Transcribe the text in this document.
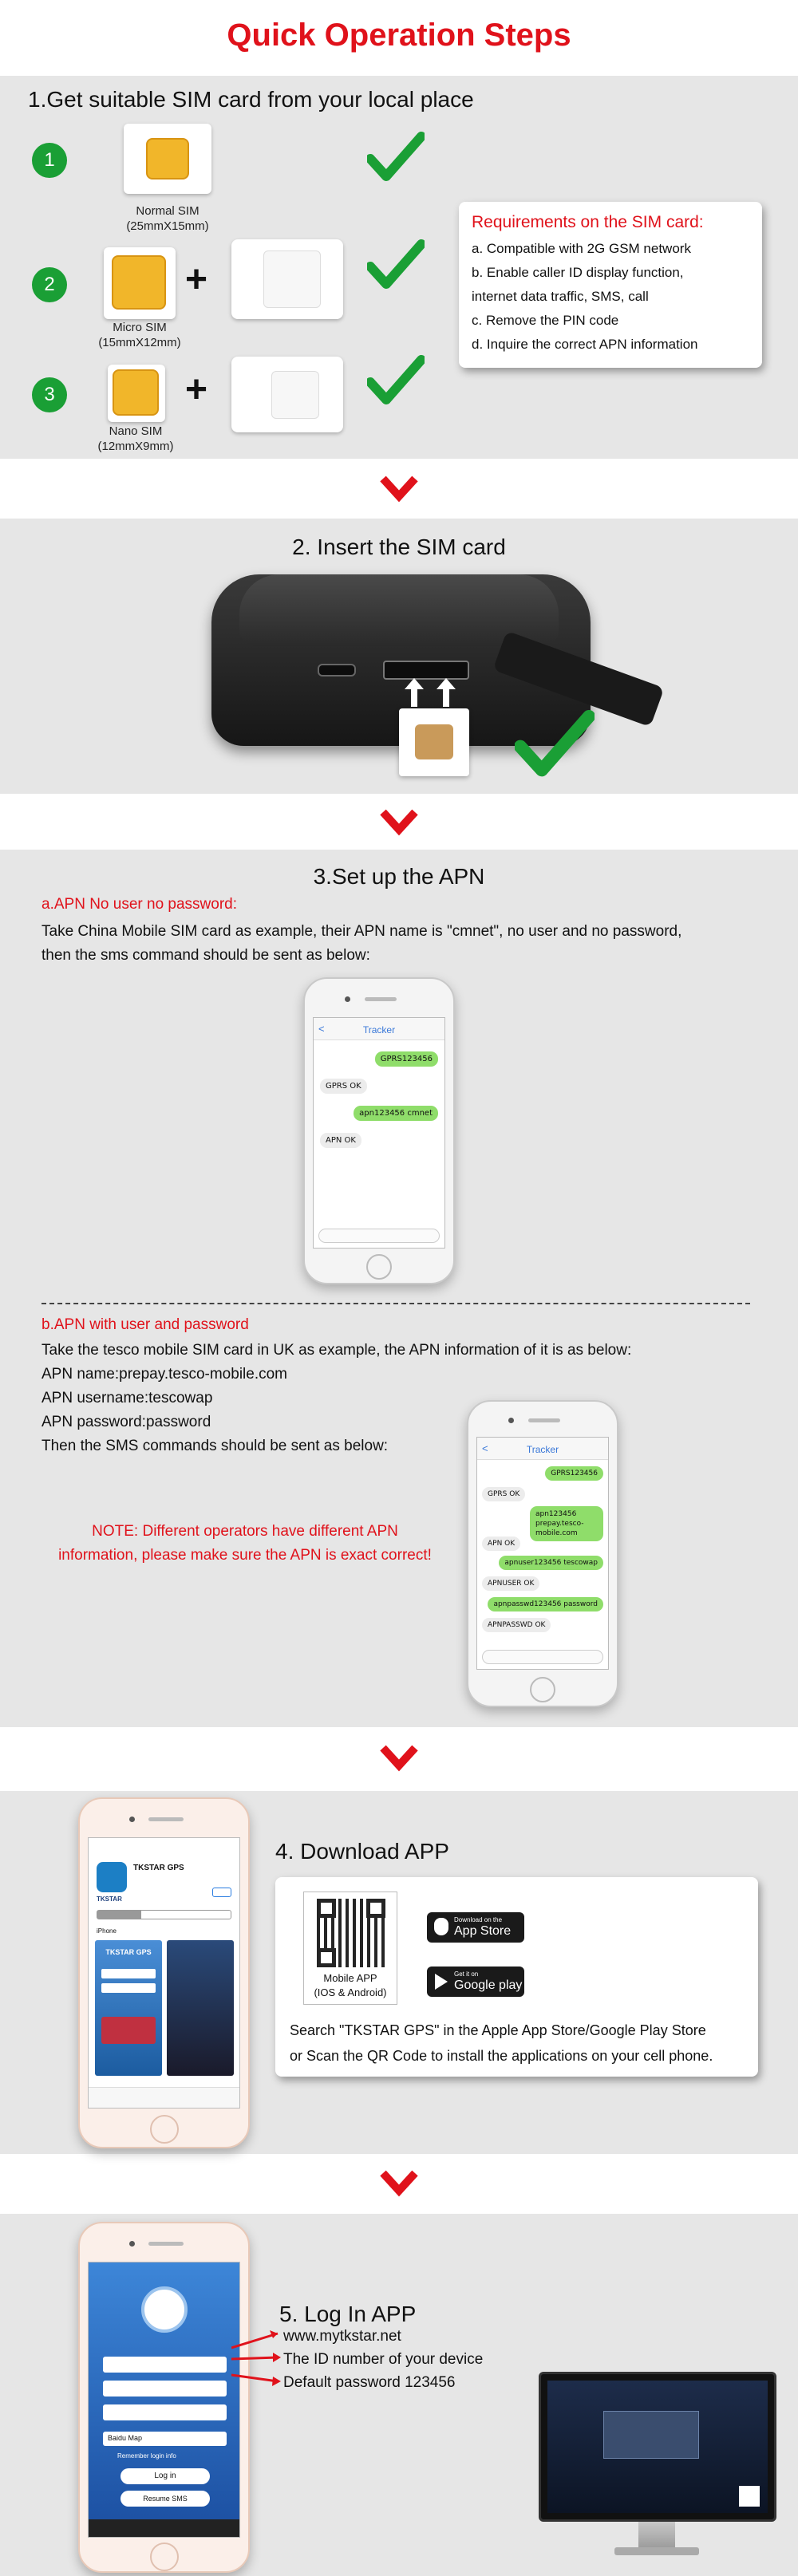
Quick Operation Steps
1.Get suitable SIM card from your local place
1
Normal SIM
(25mmX15mm)
2	+
Micro SIM
(15mmX12mm)
3	+
Nano SIM
(12mmX9mm)
Requirements on the SIM card:
a. Compatible with 2G GSM network
b. Enable caller ID display function,
internet data traffic, SMS, call
c. Remove the PIN code
d. Inquire the correct APN information
2. Insert the SIM card
3.Set up the APN
a.APN No user no password:
Take China Mobile SIM card as example, their APN name is "cmnet", no user and no password,
then the sms command should be sent as below:
<	Tracker
GPRS123456
GPRS OK
apn123456 cmnet
APN OK
b.APN with user and password
Take the tesco mobile SIM card in UK as example, the APN information of it is as below:
APN name:prepay.tesco-mobile.com
APN username:tescowap
APN password:password
Then the SMS commands should be sent as below:
NOTE: Different operators have different APN
information, please make sure the APN is exact correct!
<	Tracker
GPRS123456
GPRS OK
apn123456 prepay.tesco-mobile.com
APN OK
apnuser123456 tescowap
APNUSER OK
apnpasswd123456 password
APNPASSWD OK
TKSTAR GPS
TKSTAR
iPhone
TKSTAR GPS
4. Download APP
Mobile APP
(IOS & Android)
Download on the
App Store
Get it on
Google play
Search "TKSTAR GPS" in the Apple App Store/Google Play Store
or Scan the QR Code to install the applications on your cell phone.
Baidu Map
Remember login info
Log in
Resume SMS
5. Log In APP
www.mytkstar.net
The ID number of your device
Default password 123456
